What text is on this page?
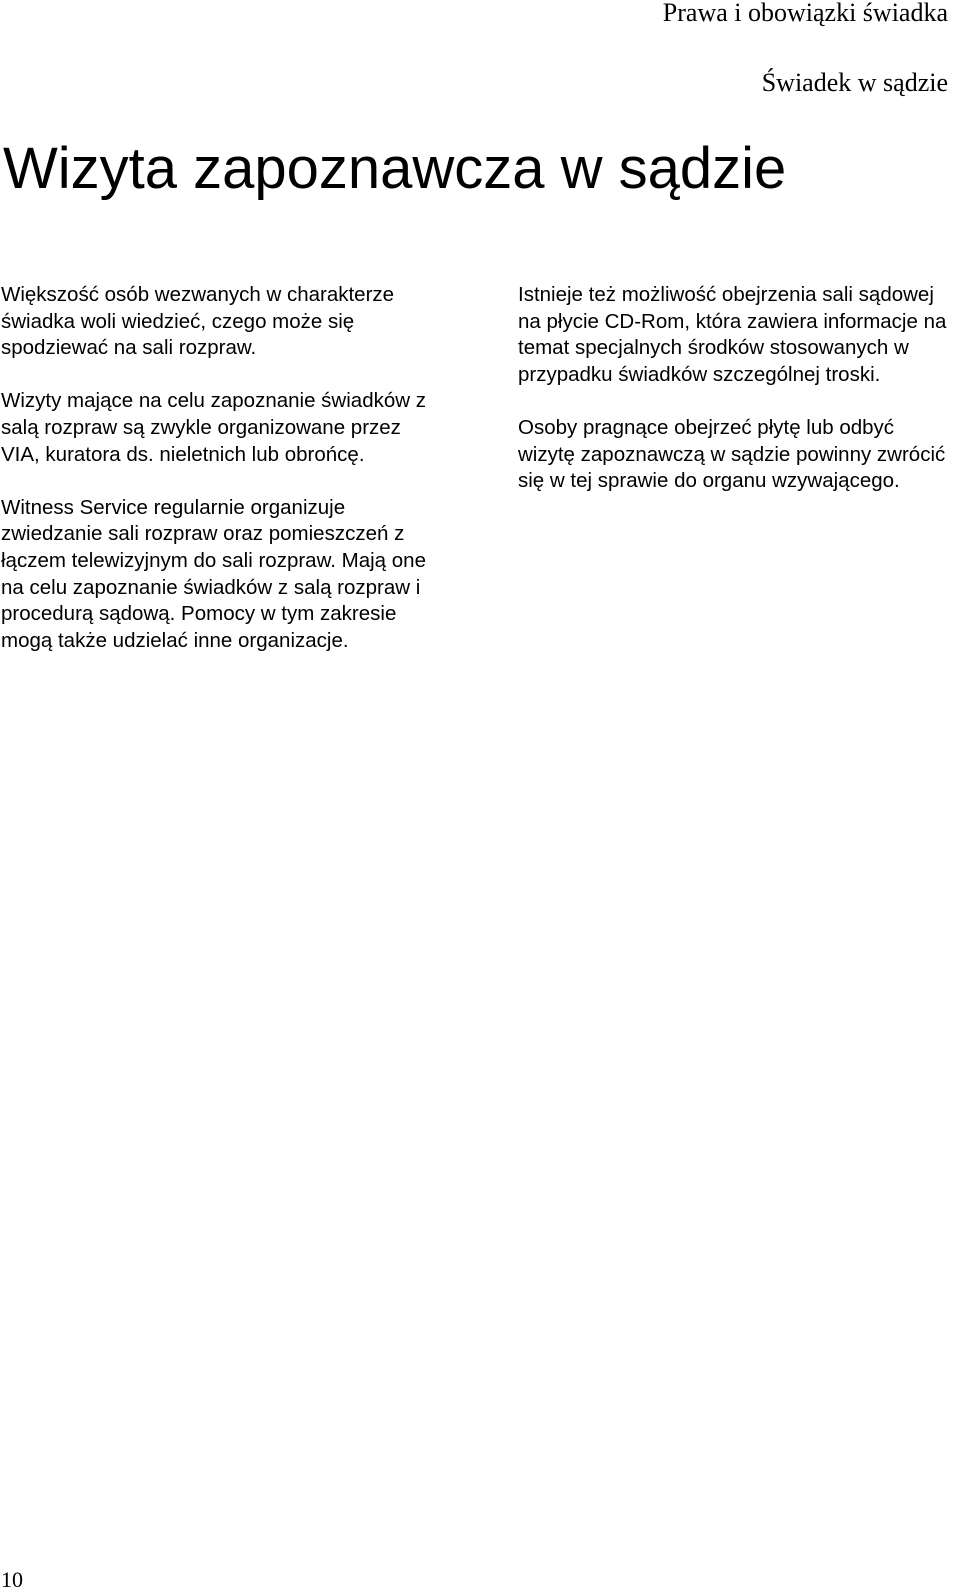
Prawa i obowiązki świadka
Świadek w sądzie
Wizyta zapoznawcza w sądzie

Większość osób wezwanych w charakterze świadka woli wiedzieć, czego może się spodziewać na sali rozpraw.

Wizyty mające na celu zapoznanie świadków z salą rozpraw są zwykle organizowane przez VIA, kuratora ds. nieletnich lub obrońcę.

Witness Service regularnie organizuje zwiedzanie sali rozpraw oraz pomieszczeń z łączem telewizyjnym do sali rozpraw. Mają one na celu zapoznanie świadków z salą rozpraw i procedurą sądową. Pomocy w tym zakresie mogą także udzielać inne organizacje.

Istnieje też możliwość obejrzenia sali sądowej na płycie CD-Rom, która zawiera informacje na temat specjalnych środków stosowanych w przypadku świadków szczególnej troski.

Osoby pragnące obejrzeć płytę lub odbyć wizytę zapoznawczą w sądzie powinny zwrócić się w tej sprawie do organu wzywającego.

10
